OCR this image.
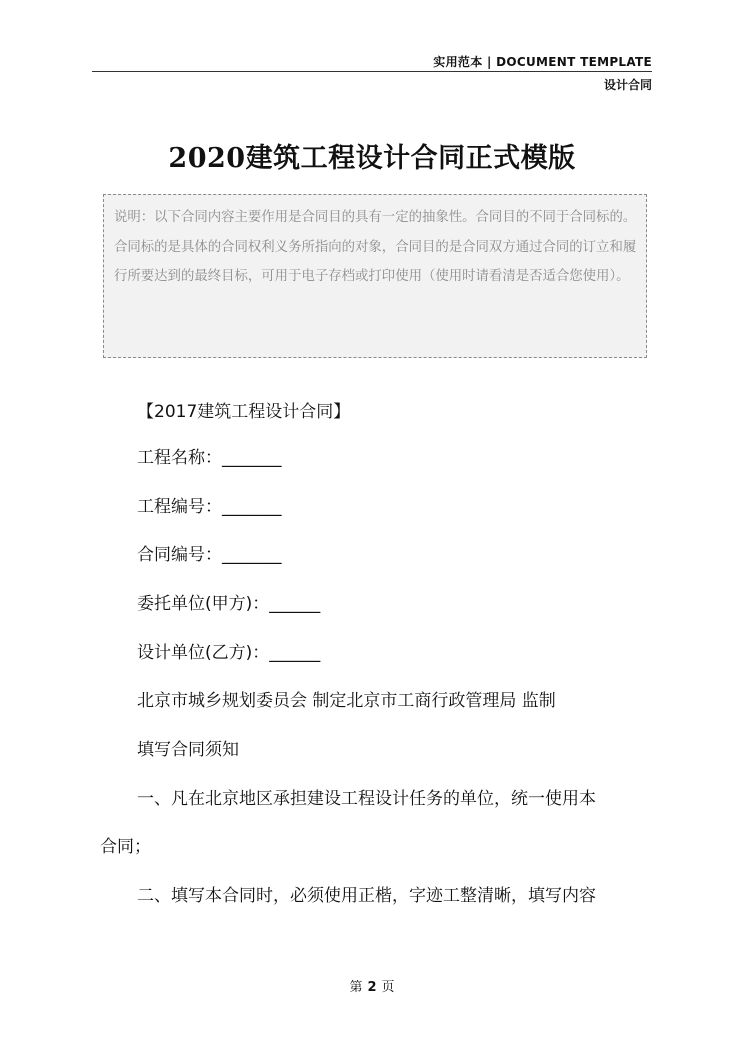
实用范本 | DOCUMENT TEMPLATE
设计合同
2020建筑工程设计合同正式模版
说明：以下合同内容主要作用是合同目的具有一定的抽象性。合同目的不同于合同标的。合同标的是具体的合同权利义务所指向的对象，合同目的是合同双方通过合同的订立和履行所要达到的最终目标，可用于电子存档或打印使用（使用时请看清是否适合您使用）。
【2017建筑工程设计合同】
工程名称：_______
工程编号：_______
合同编号：_______
委托单位(甲方)：______
设计单位(乙方)：______
北京市城乡规划委员会 制定北京市工商行政管理局 监制
填写合同须知
一、凡在北京地区承担建设工程设计任务的单位，统一使用本
合同；
二、填写本合同时，必须使用正楷，字迹工整清晰，填写内容
第 2 页
